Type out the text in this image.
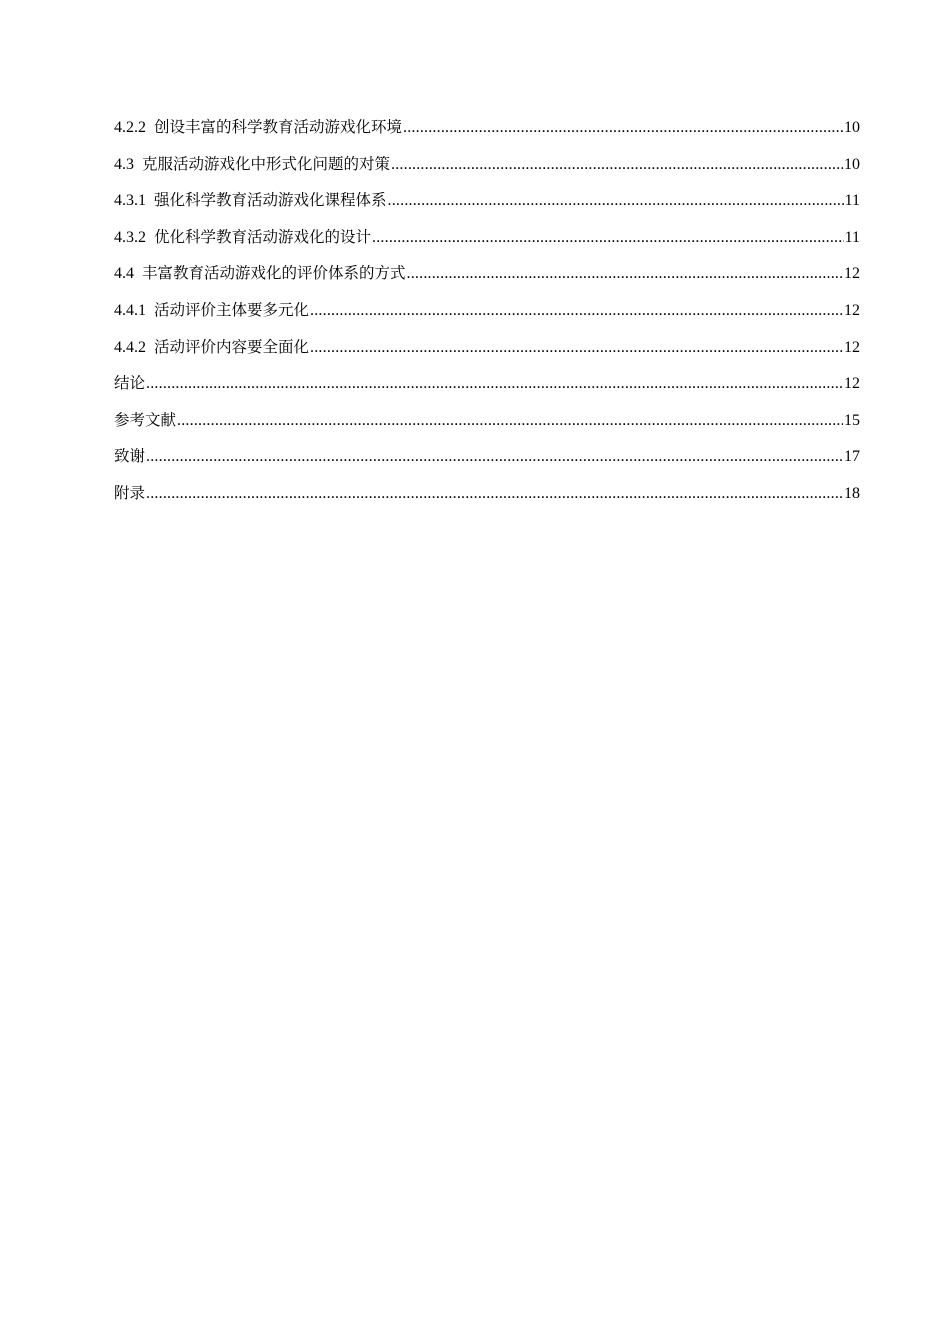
4.2.2 创设丰富的科学教育活动游戏化环境 .....	10
4.3 克服活动游戏化中形式化问题的对策 .....	10
4.3.1 强化科学教育活动游戏化课程体系 .....	11
4.3.2 优化科学教育活动游戏化的设计 .....	11
4.4 丰富教育活动游戏化的评价体系的方式 .....	12
4.4.1 活动评价主体要多元化 .....	12
4.4.2 活动评价内容要全面化 .....	12
结论 .....	12
参考文献 .....	15
致谢 .....	17
附录 .....	18
